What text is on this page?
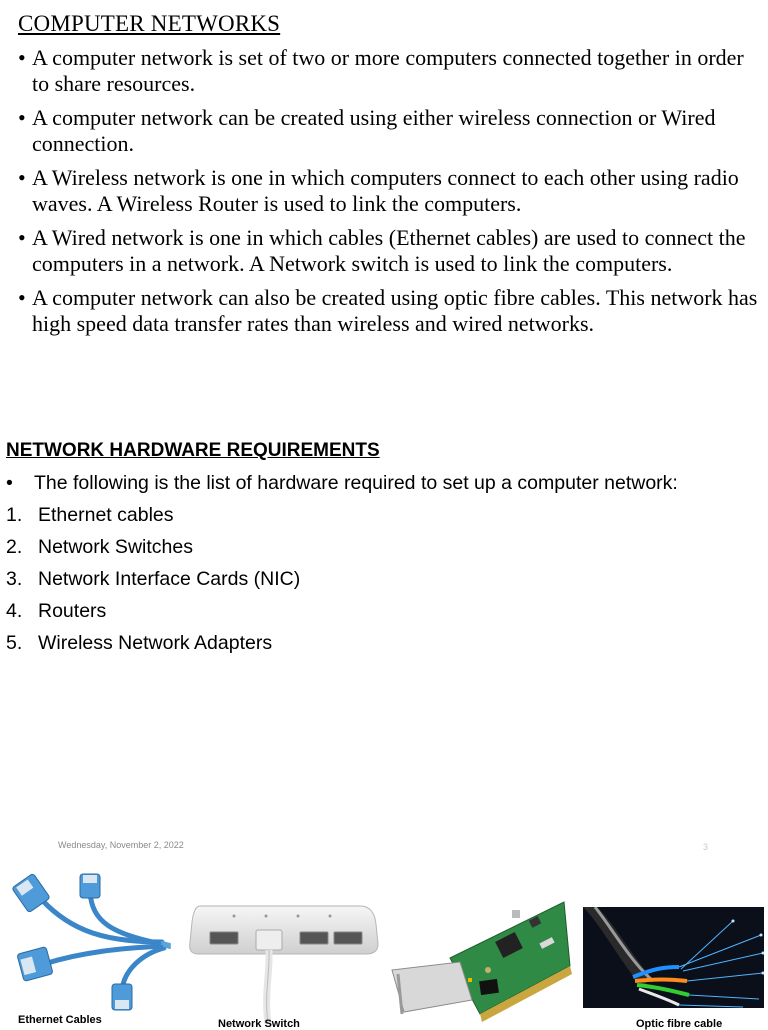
COMPUTER NETWORKS
• A computer network is set of two or more computers connected together in order to share resources.
• A computer network can be created using either wireless connection or Wired connection.
• A Wireless network is one in which computers connect to each other using radio waves. A Wireless Router is used to link the computers.
• A Wired network is one in which cables (Ethernet cables) are used to connect the computers in a network. A Network switch is used to link the computers.
• A computer network can also be created using optic fibre cables. This network has high speed data transfer rates than wireless and wired networks.
NETWORK HARDWARE REQUIREMENTS
• The following is the list of hardware required to set up a computer network:
1. Ethernet cables
2. Network Switches
3. Network Interface Cards (NIC)
4. Routers
5. Wireless Network Adapters
Wednesday, November 2, 2022	3
Ethernet Cables	Network Switch	Optic fibre cable
